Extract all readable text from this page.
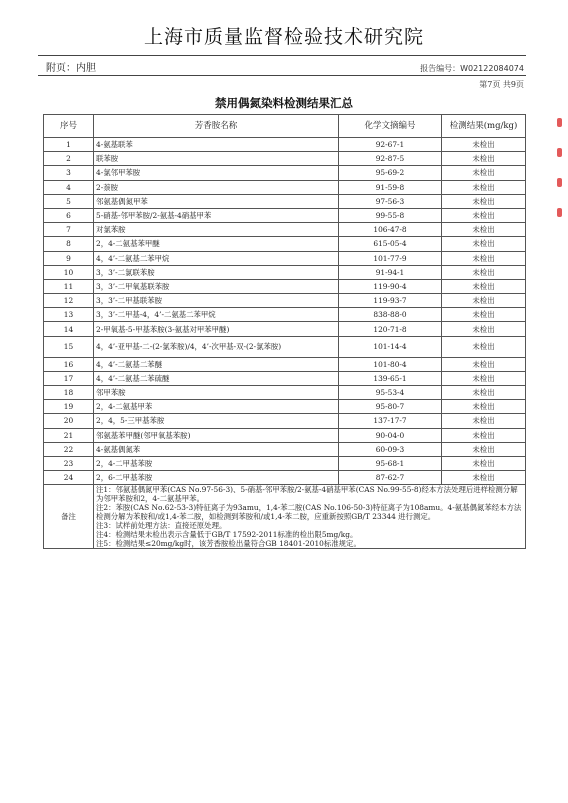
上海市质量监督检验技术研究院
附页：内胆	报告编号：W02122084074
第7页 共9页
禁用偶氮染料检测结果汇总
序号	芳香胺名称	化学文摘编号	检测结果(mg/kg)
1	4-氨基联苯	92-67-1	未检出
2	联苯胺	92-87-5	未检出
3	4-氯邻甲苯胺	95-69-2	未检出
4	2-萘胺	91-59-8	未检出
5	邻氨基偶氮甲苯	97-56-3	未检出
6	5-硝基-邻甲苯胺/2-氨基-4硝基甲苯	99-55-8	未检出
7	对氯苯胺	106-47-8	未检出
8	2，4-二氨基苯甲醚	615-05-4	未检出
9	4，4’-二氨基二苯甲烷	101-77-9	未检出
10	3，3’-二氯联苯胺	91-94-1	未检出
11	3，3’-二甲氧基联苯胺	119-90-4	未检出
12	3，3’-二甲基联苯胺	119-93-7	未检出
13	3，3’-二甲基-4，4’-二氨基二苯甲烷	838-88-0	未检出
14	2-甲氧基-5-甲基苯胺(3-氨基对甲苯甲醚)	120-71-8	未检出
15	4，4’-亚甲基-二-(2-氯苯胺)/4，4’-次甲基-双-(2-氯苯胺)	101-14-4	未检出
16	4，4’-二氨基二苯醚	101-80-4	未检出
17	4，4’-二氨基二苯硫醚	139-65-1	未检出
18	邻甲苯胺	95-53-4	未检出
19	2，4-二氨基甲苯	95-80-7	未检出
20	2，4，5-三甲基苯胺	137-17-7	未检出
21	邻氨基苯甲醚(邻甲氧基苯胺)	90-04-0	未检出
22	4-氨基偶氮苯	60-09-3	未检出
23	2，4-二甲基苯胺	95-68-1	未检出
24	2，6-二甲基苯胺	87-62-7	未检出
备注	注1：邻氨基偶氮甲苯(CAS No.97-56-3)、5-硝基-邻甲苯胺/2-氨基-4硝基甲苯(CAS No.99-55-8)经本方法处理后进样检测分解为邻甲苯胺和2，4-二氨基甲苯。
注2：苯胺(CAS No.62-53-3)特征离子为93amu，1,4-苯二胺(CAS No.106-50-3)特征离子为108amu。4-氨基偶氮苯经本方法检测分解为苯胺和/或1,4-苯二胺，如检测到苯胺和/或1,4-苯二胺，应重新按照GB/T 23344 进行测定。
注3：试样前处理方法：直接还原处理。
注4：检测结果未检出表示含量低于GB/T 17592-2011标准的检出限5mg/kg。
注5：检测结果≤20mg/kg时，该芳香胺检出量符合GB 18401-2010标准规定。		
